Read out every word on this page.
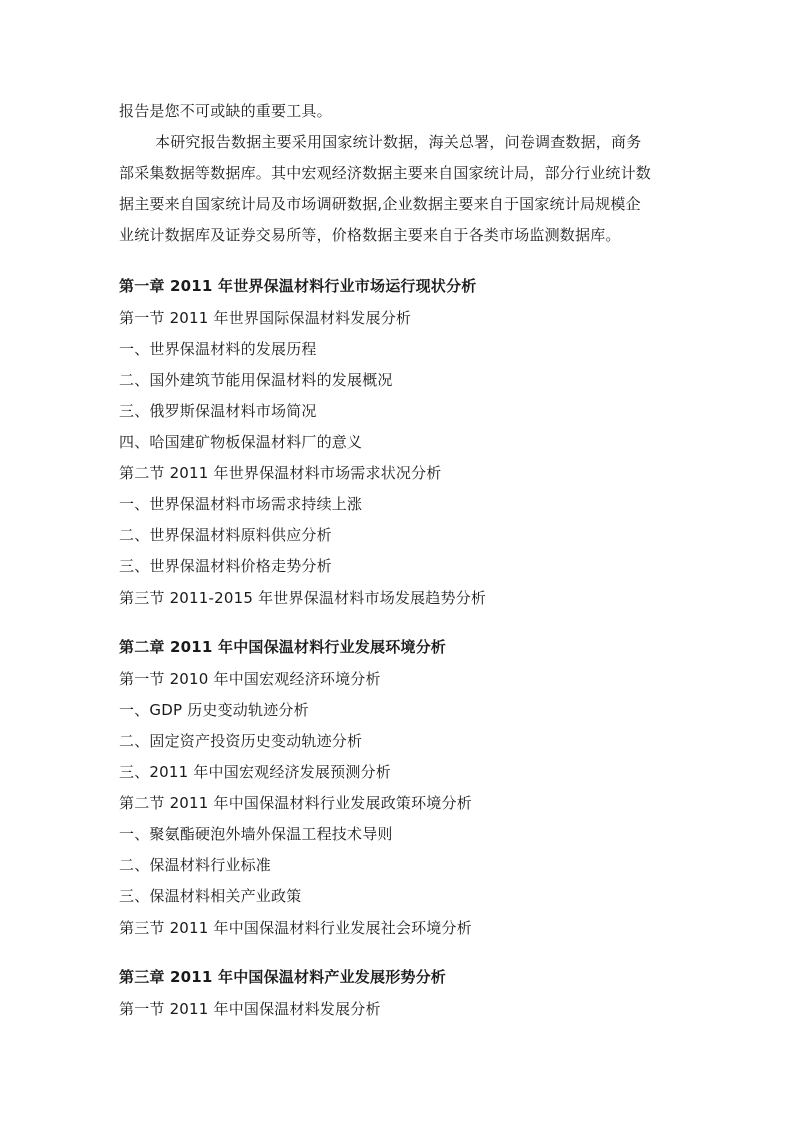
报告是您不可或缺的重要工具。
本研究报告数据主要采用国家统计数据，海关总署，问卷调查数据，商务
部采集数据等数据库。其中宏观经济数据主要来自国家统计局，部分行业统计数
据主要来自国家统计局及市场调研数据,企业数据主要来自于国家统计局规模企
业统计数据库及证券交易所等，价格数据主要来自于各类市场监测数据库。
第一章 2011 年世界保温材料行业市场运行现状分析
第一节 2011 年世界国际保温材料发展分析
一、世界保温材料的发展历程
二、国外建筑节能用保温材料的发展概况
三、俄罗斯保温材料市场简况
四、哈国建矿物板保温材料厂的意义
第二节 2011 年世界保温材料市场需求状况分析
一、世界保温材料市场需求持续上涨
二、世界保温材料原料供应分析
三、世界保温材料价格走势分析
第三节 2011-2015 年世界保温材料市场发展趋势分析
第二章 2011 年中国保温材料行业发展环境分析
第一节 2010 年中国宏观经济环境分析
一、GDP 历史变动轨迹分析
二、固定资产投资历史变动轨迹分析
三、2011 年中国宏观经济发展预测分析
第二节 2011 年中国保温材料行业发展政策环境分析
一、聚氨酯硬泡外墙外保温工程技术导则
二、保温材料行业标准
三、保温材料相关产业政策
第三节 2011 年中国保温材料行业发展社会环境分析
第三章 2011 年中国保温材料产业发展形势分析
第一节 2011 年中国保温材料发展分析
